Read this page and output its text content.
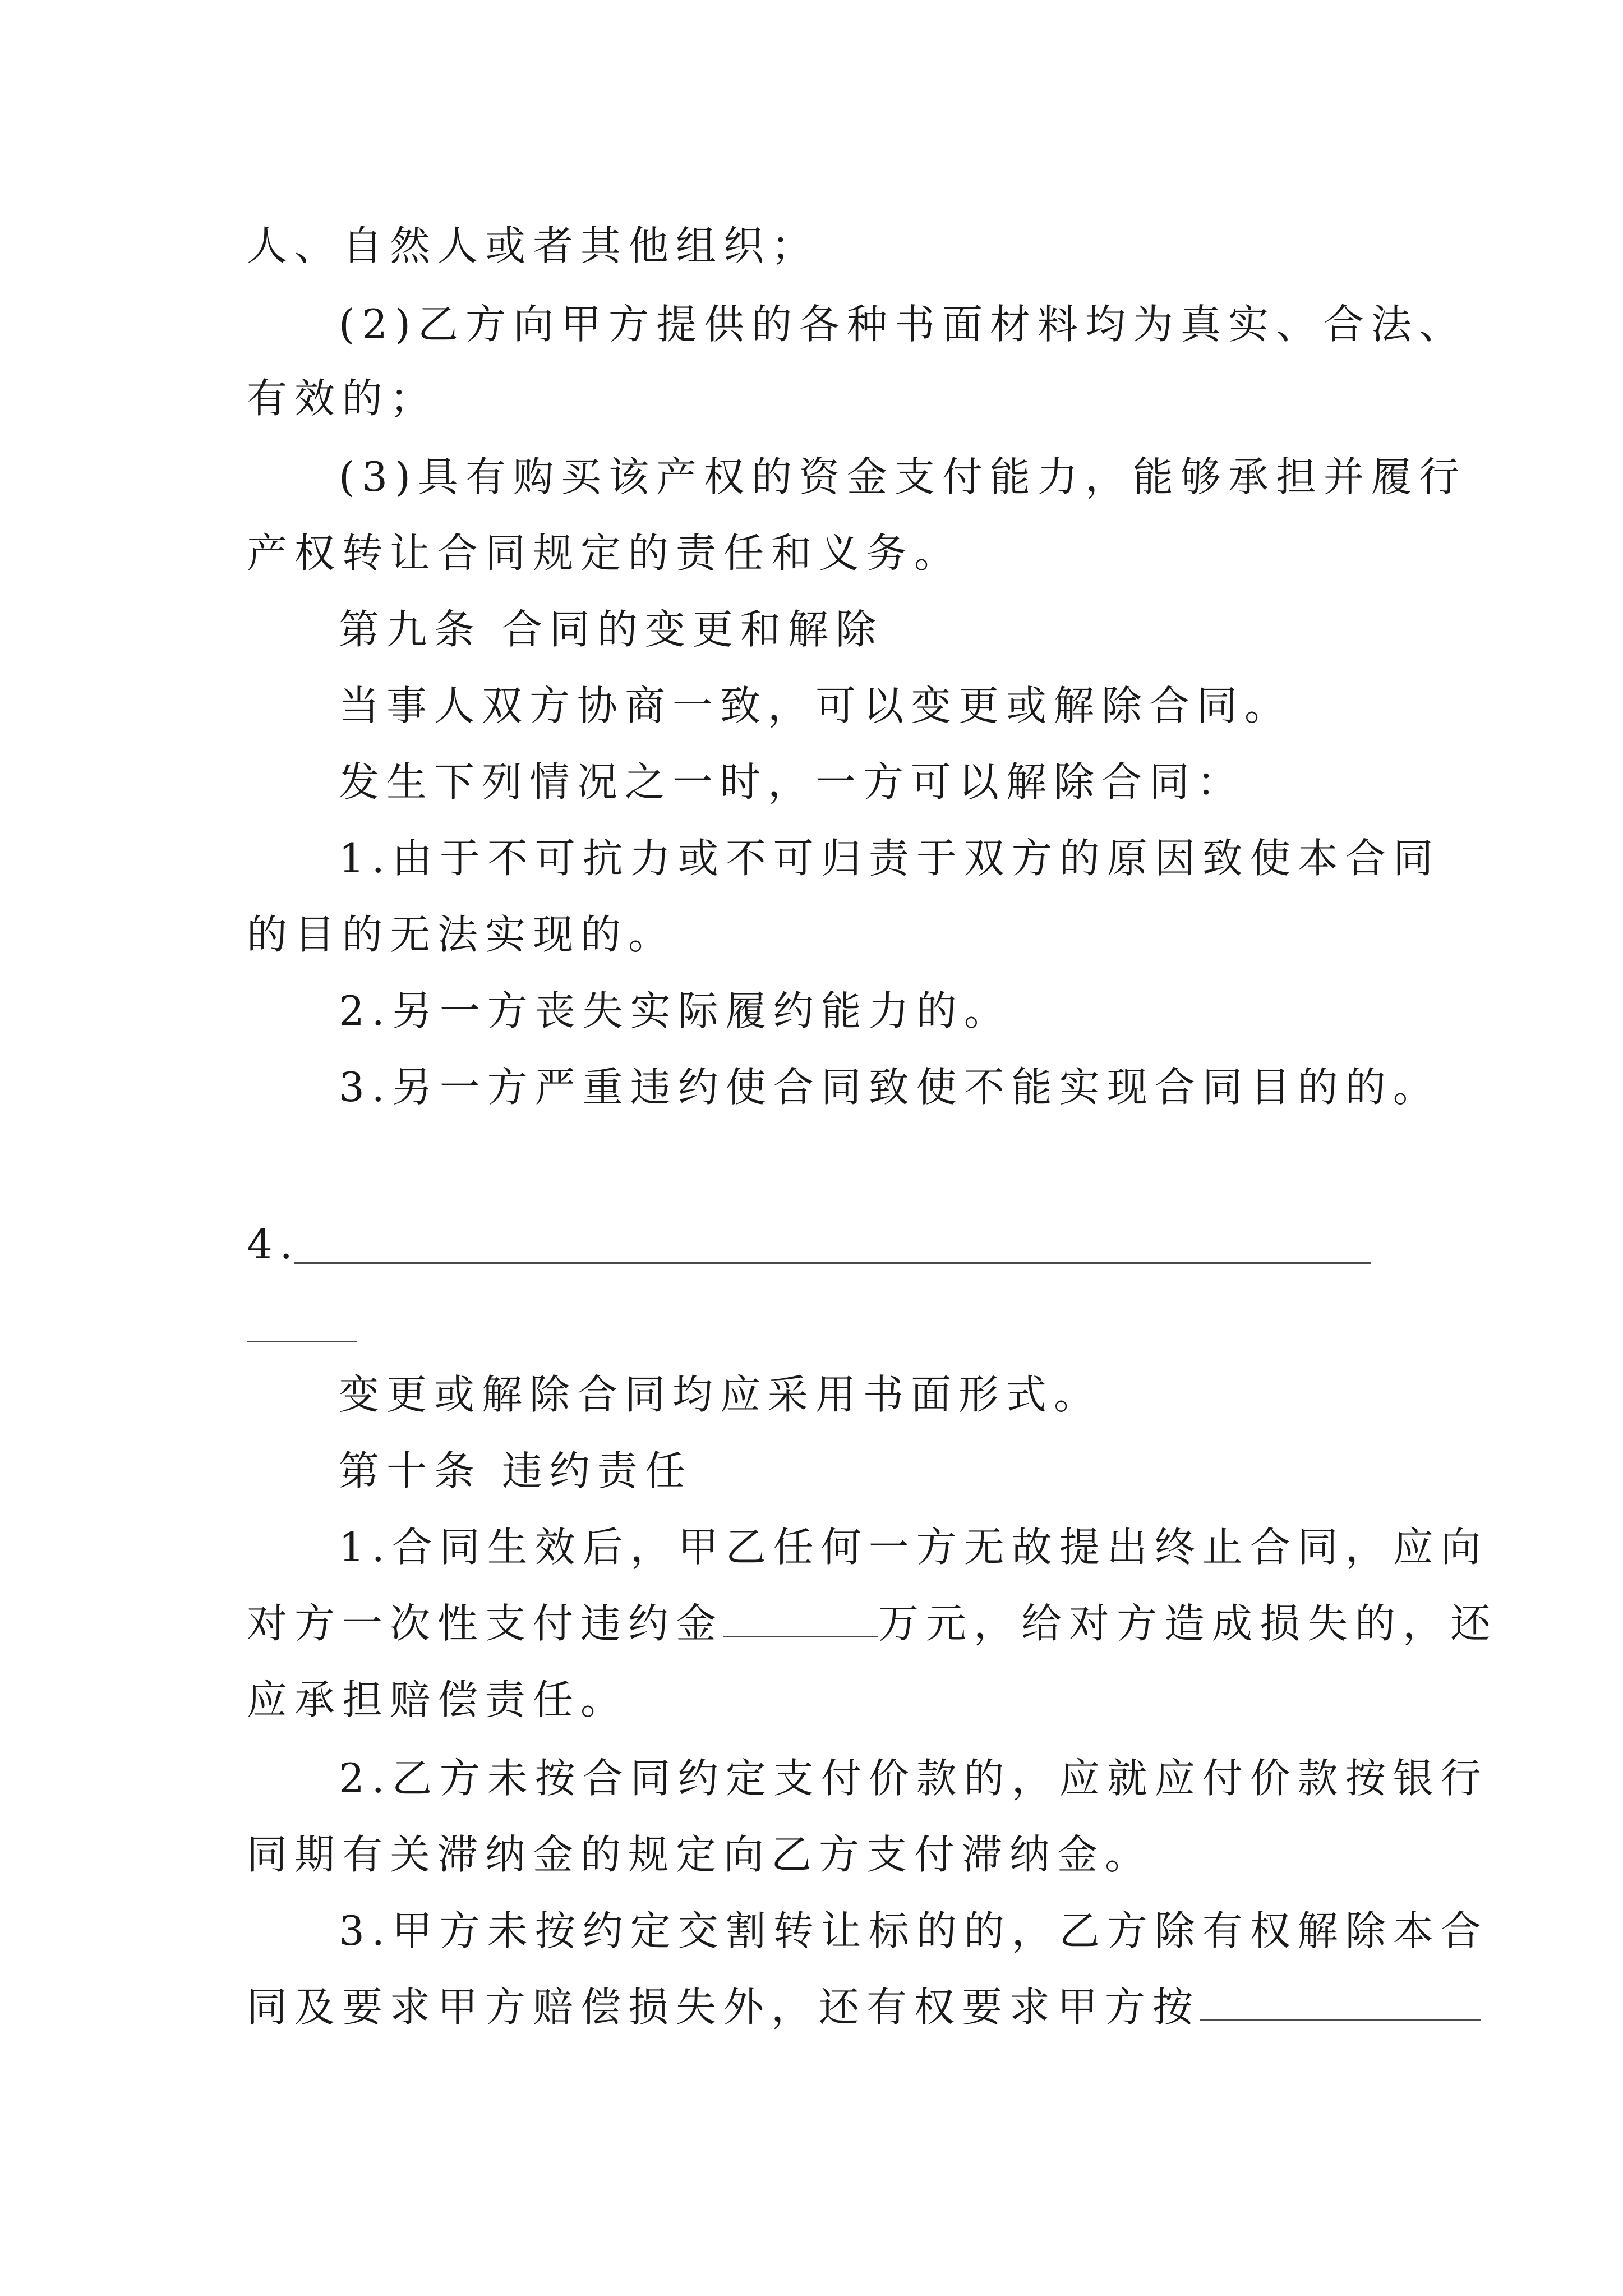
人、自然人或者其他组织；
(2)乙方向甲方提供的各种书面材料均为真实、合法、
有效的；
(3)具有购买该产权的资金支付能力，能够承担并履行
产权转让合同规定的责任和义务。
第九条 合同的变更和解除
当事人双方协商一致，可以变更或解除合同。
发生下列情况之一时，一方可以解除合同：
1.由于不可抗力或不可归责于双方的原因致使本合同
的目的无法实现的。
2.另一方丧失实际履约能力的。
3.另一方严重违约使合同致使不能实现合同目的的。
4.
变更或解除合同均应采用书面形式。
第十条 违约责任
1.合同生效后，甲乙任何一方无故提出终止合同，应向
对方一次性支付违约金	万元，给对方造成损失的，还
应承担赔偿责任。
2.乙方未按合同约定支付价款的，应就应付价款按银行
同期有关滞纳金的规定向乙方支付滞纳金。
3.甲方未按约定交割转让标的的，乙方除有权解除本合
同及要求甲方赔偿损失外，还有权要求甲方按
